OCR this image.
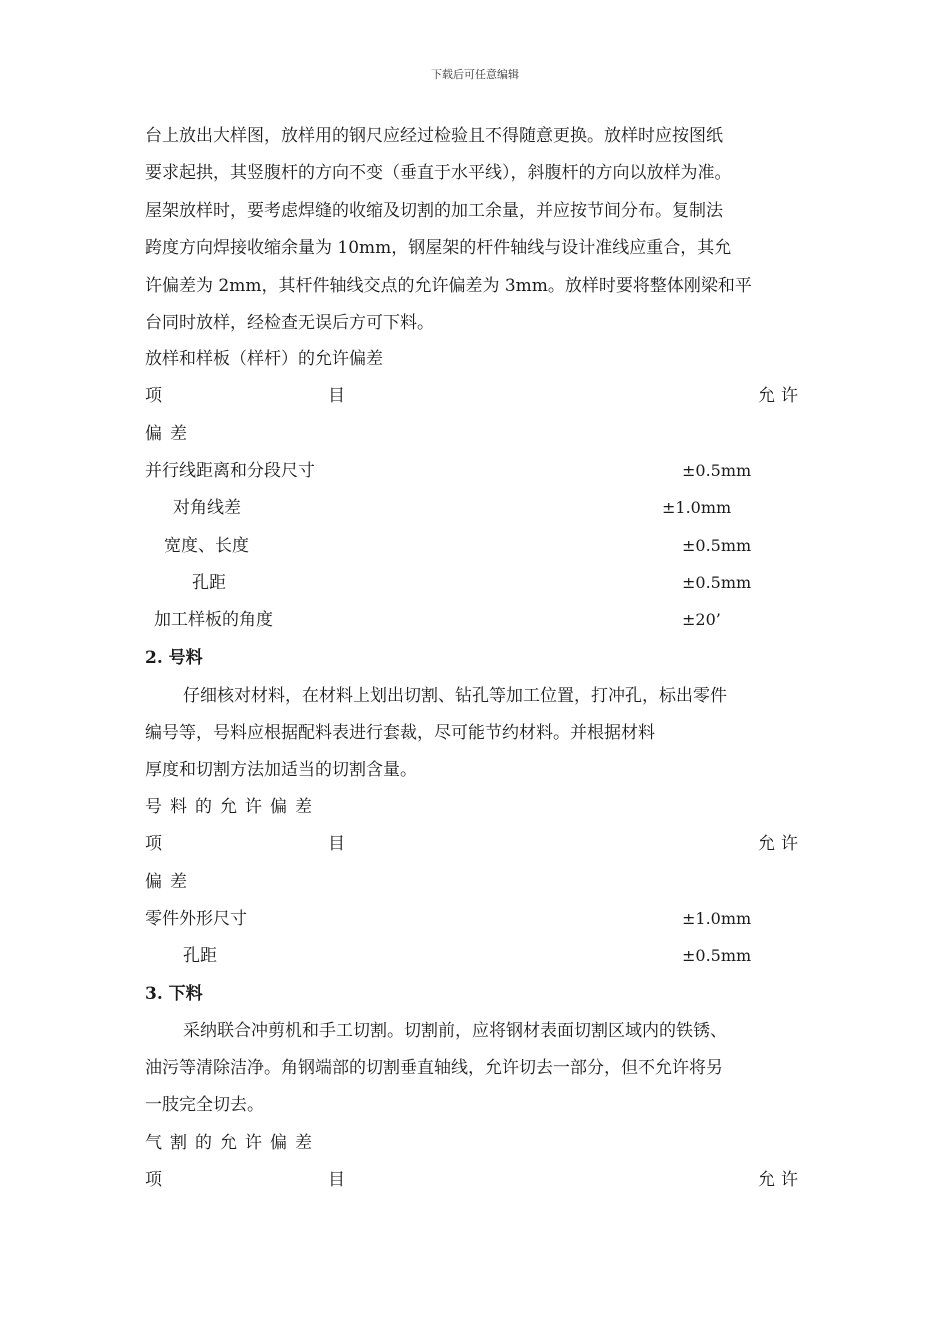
下载后可任意编辑
台上放出大样图，放样用的钢尺应经过检验且不得随意更换。放样时应按图纸
要求起拱，其竖腹杆的方向不变（垂直于水平线），斜腹杆的方向以放样为准。
屋架放样时，要考虑焊缝的收缩及切割的加工余量，并应按节间分布。复制法
跨度方向焊接收缩余量为 10mm，钢屋架的杆件轴线与设计准线应重合，其允
许偏差为 2mm，其杆件轴线交点的允许偏差为 3mm。放样时要将整体刚梁和平
台同时放样，经检查无误后方可下料。
放样和样板（样杆）的允许偏差
项	目	允许
偏差
并行线距离和分段尺寸	±0.5mm
对角线差	±1.0mm
宽度、长度	±0.5mm
孔距	±0.5mm
加工样板的角度	±20’
2. 号料
仔细核对材料，在材料上划出切割、钻孔等加工位置，打冲孔，标出零件
编号等，号料应根据配料表进行套裁，尽可能节约材料。并根据材料
厚度和切割方法加适当的切割含量。
号料的允许偏差
项	目	允许
偏差
零件外形尺寸	±1.0mm
孔距	±0.5mm
3. 下料
采纳联合冲剪机和手工切割。切割前，应将钢材表面切割区域内的铁锈、
油污等清除洁净。角钢端部的切割垂直轴线，允许切去一部分，但不允许将另
一肢完全切去。
气割的允许偏差
项	目	允许
